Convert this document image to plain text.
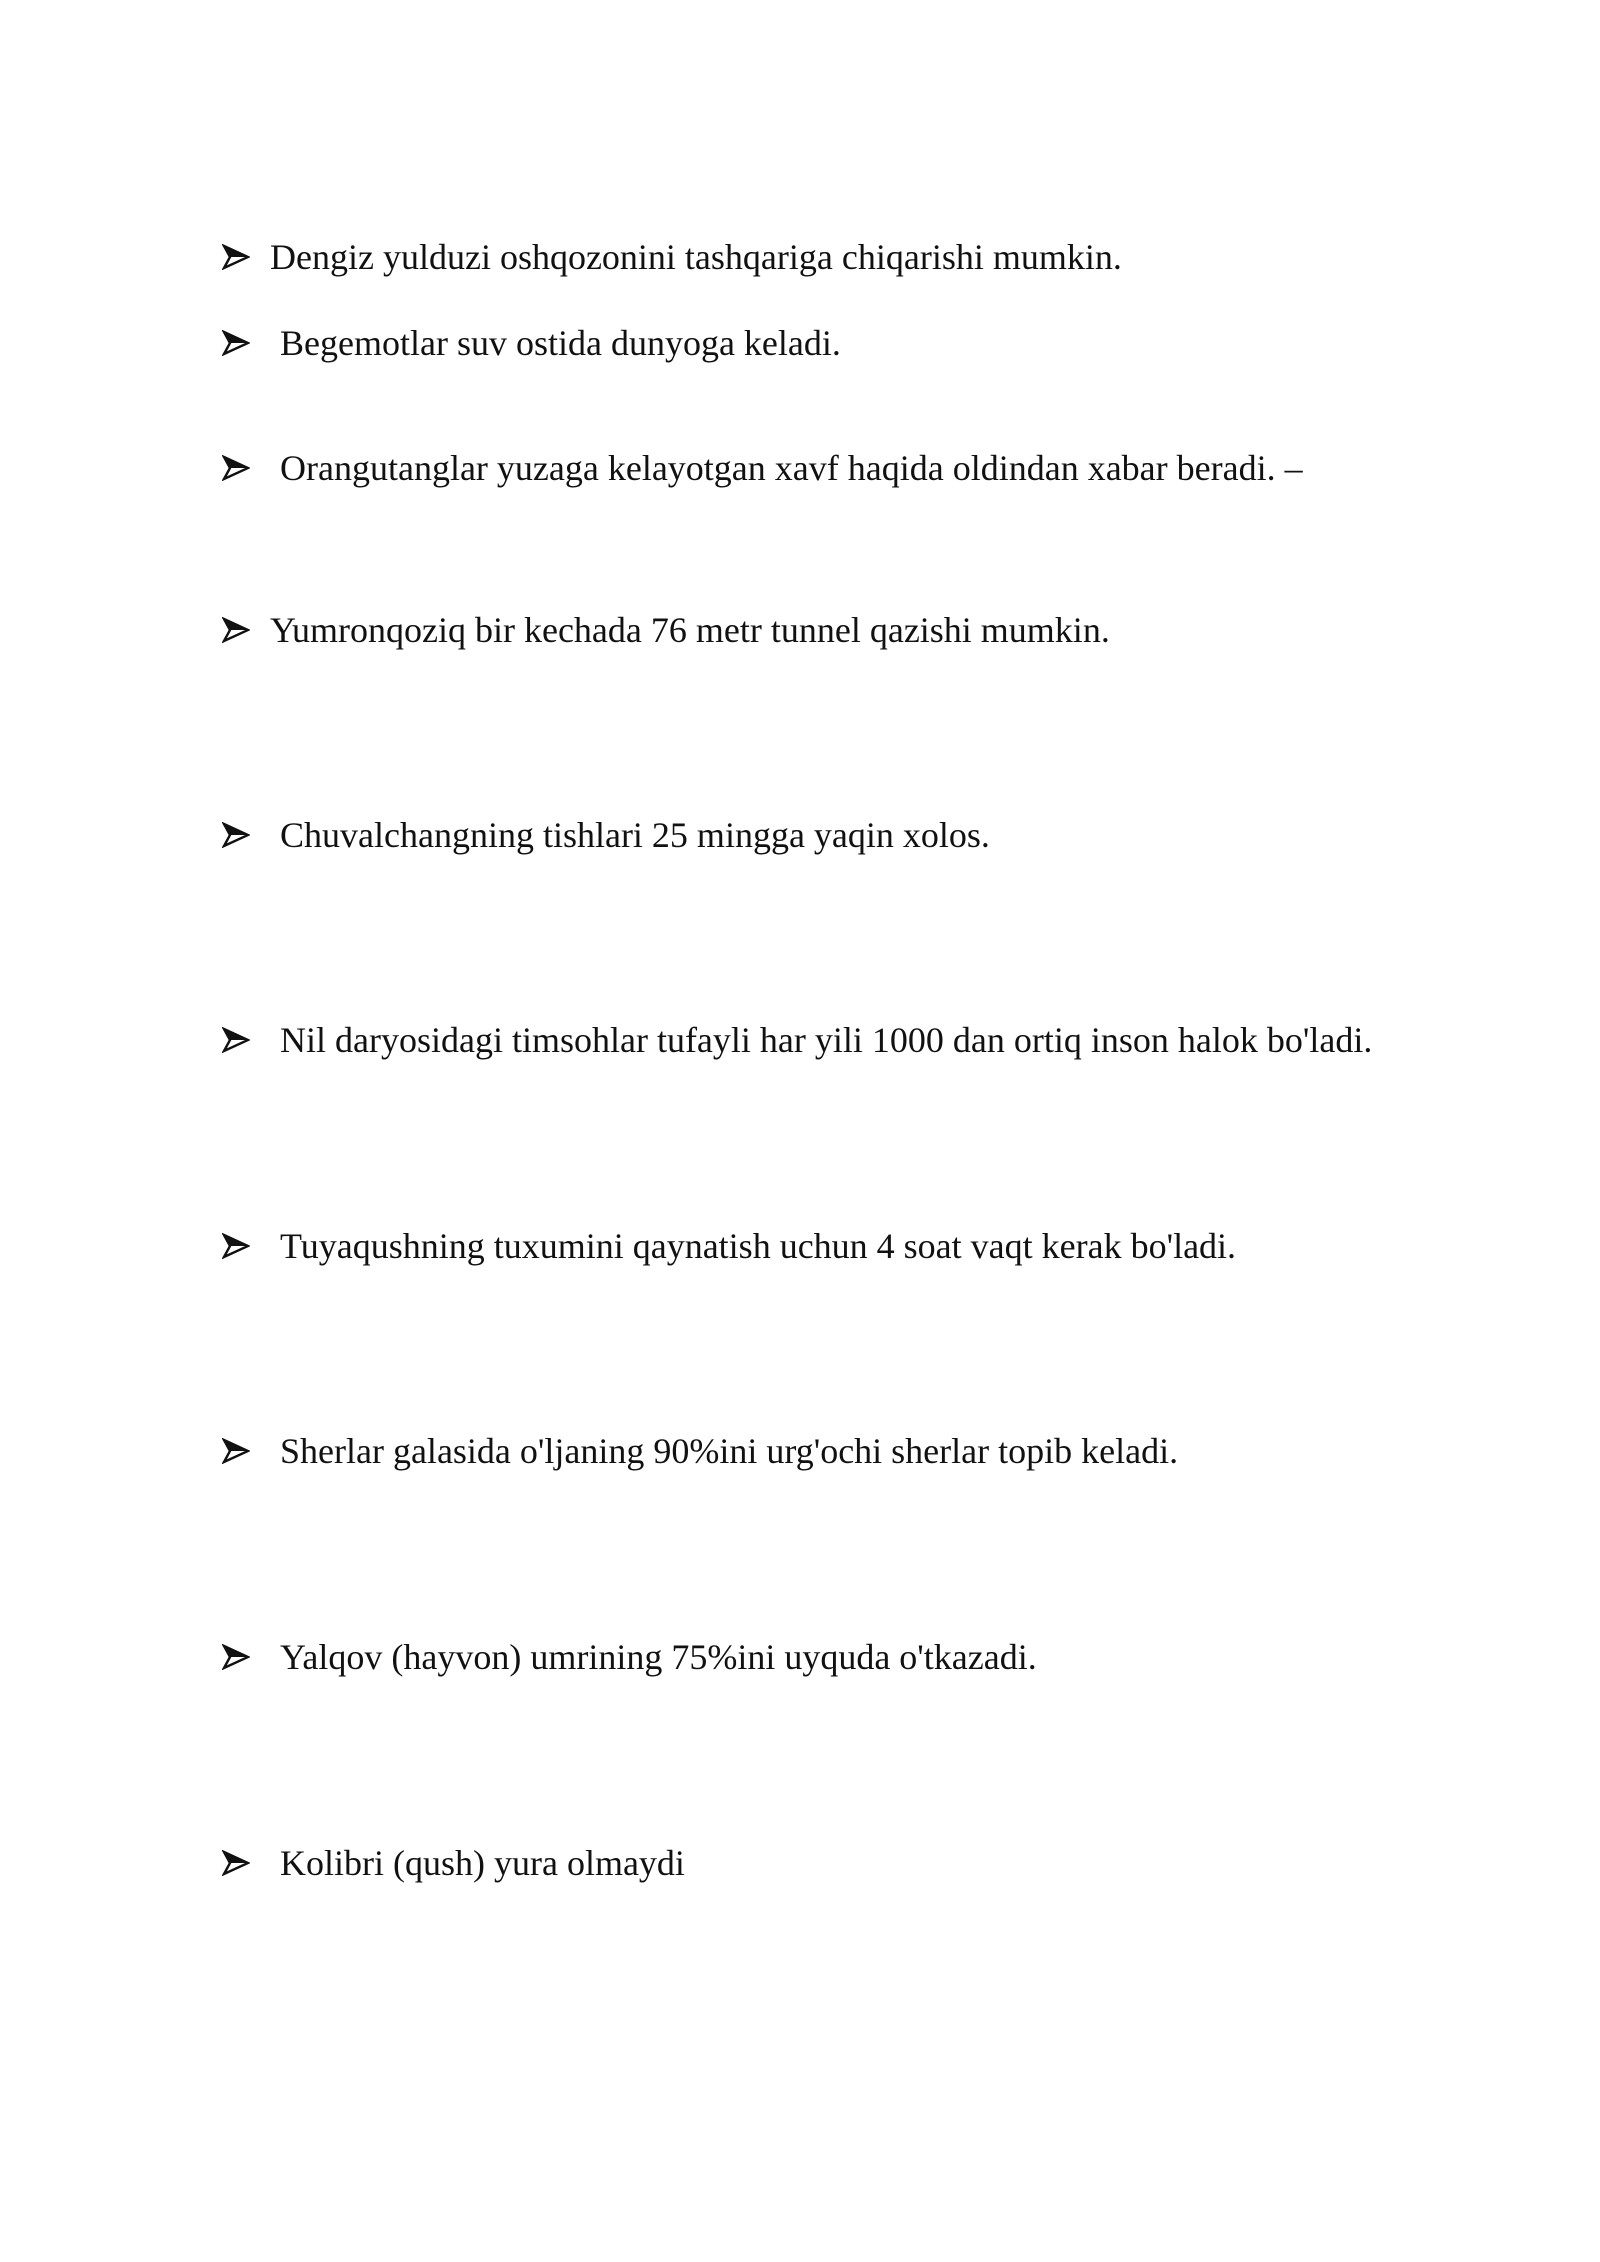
Dengiz yulduzi oshqozonini tashqariga chiqarishi mumkin.
Begemotlar suv ostida dunyoga keladi.
Orangutanglar yuzaga kelayotgan xavf haqida oldindan xabar beradi. –
Yumronqoziq bir kechada 76 metr tunnel qazishi mumkin.
Chuvalchangning tishlari 25 mingga yaqin xolos.
Nil daryosidagi timsohlar tufayli har yili 1000 dan ortiq inson halok bo'ladi.
Tuyaqushning tuxumini qaynatish uchun 4 soat vaqt kerak bo'ladi.
Sherlar galasida o'ljaning 90%ini urg'ochi sherlar topib keladi.
Yalqov (hayvon) umrining 75%ini uyquda o'tkazadi.
Kolibri (qush) yura olmaydi
